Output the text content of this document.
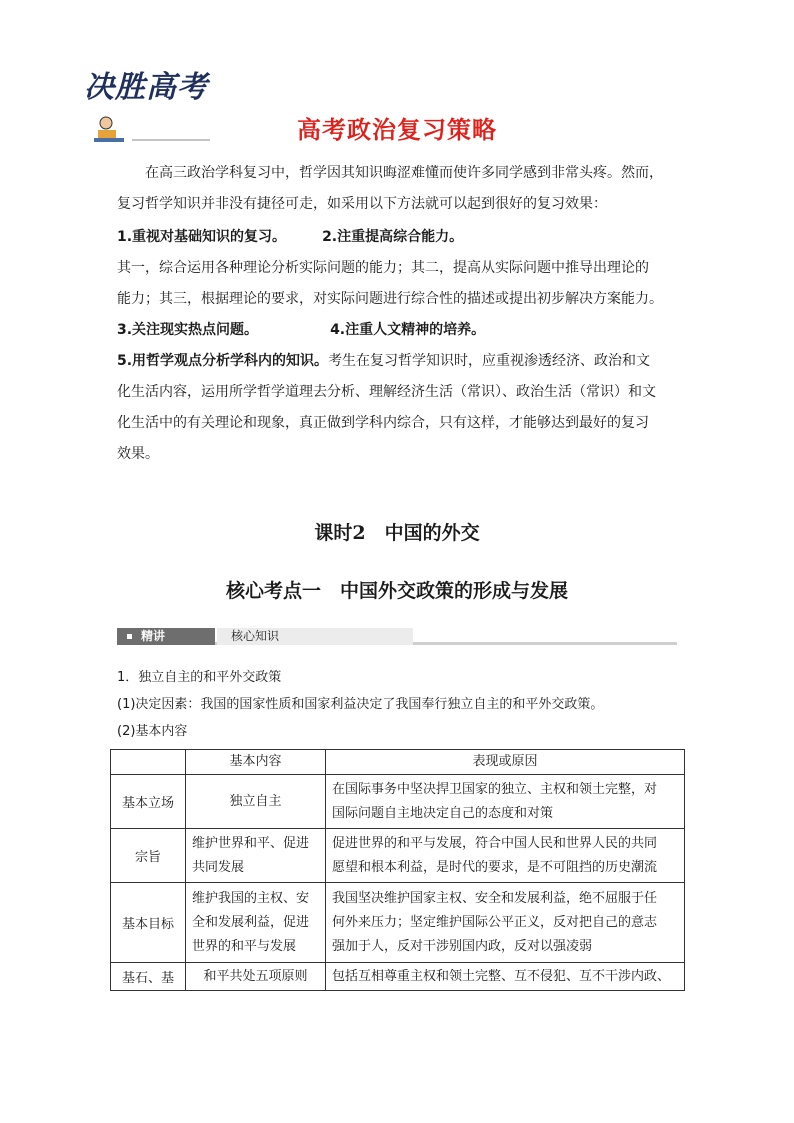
决胜高考
高考政治复习策略

在高三政治学科复习中，哲学因其知识晦涩难懂而使许多同学感到非常头疼。然而，

复习哲学知识并非没有捷径可走，如采用以下方法就可以起到很好的复习效果：

1.重视对基础知识的复习。	2.注重提高综合能力。

其一，综合运用各种理论分析实际问题的能力；其二，提高从实际问题中推导出理论的

能力；其三，根据理论的要求，对实际问题进行综合性的描述或提出初步解决方案能力。

3.关注现实热点问题。	4.注重人文精神的培养。

5.用哲学观点分析学科内的知识。考生在复习哲学知识时，应重视渗透经济、政治和文

化生活内容，运用所学哲学道理去分析、理解经济生活（常识）、政治生活（常识）和文

化生活中的有关理论和现象，真正做到学科内综合，只有这样，才能够达到最好的复习

效果。

课时2　中国的外交
核心考点一　中国外交政策的形成与发展
精讲	核心知识

1．独立自主的和平外交政策

(1)决定因素：我国的国家性质和国家利益决定了我国奉行独立自主的和平外交政策。

(2)基本内容

	基本内容	表现或原因
基本立场	独立自主	在国际事务中坚决捍卫国家的独立、主权和领土完整，对
国际问题自主地决定自己的态度和对策
宗旨	维护世界和平、促进
共同发展	促进世界的和平与发展，符合中国人民和世界人民的共同
愿望和根本利益，是时代的要求，是不可阻挡的历史潮流
基本目标	维护我国的主权、安
全和发展利益，促进
世界的和平与发展	我国坚决维护国家主权、安全和发展利益，绝不屈服于任
何外来压力；坚定维护国际公平正义，反对把自己的意志
强加于人，反对干涉别国内政，反对以强凌弱
基石、基	和平共处五项原则	包括互相尊重主权和领土完整、互不侵犯、互不干涉内政、
